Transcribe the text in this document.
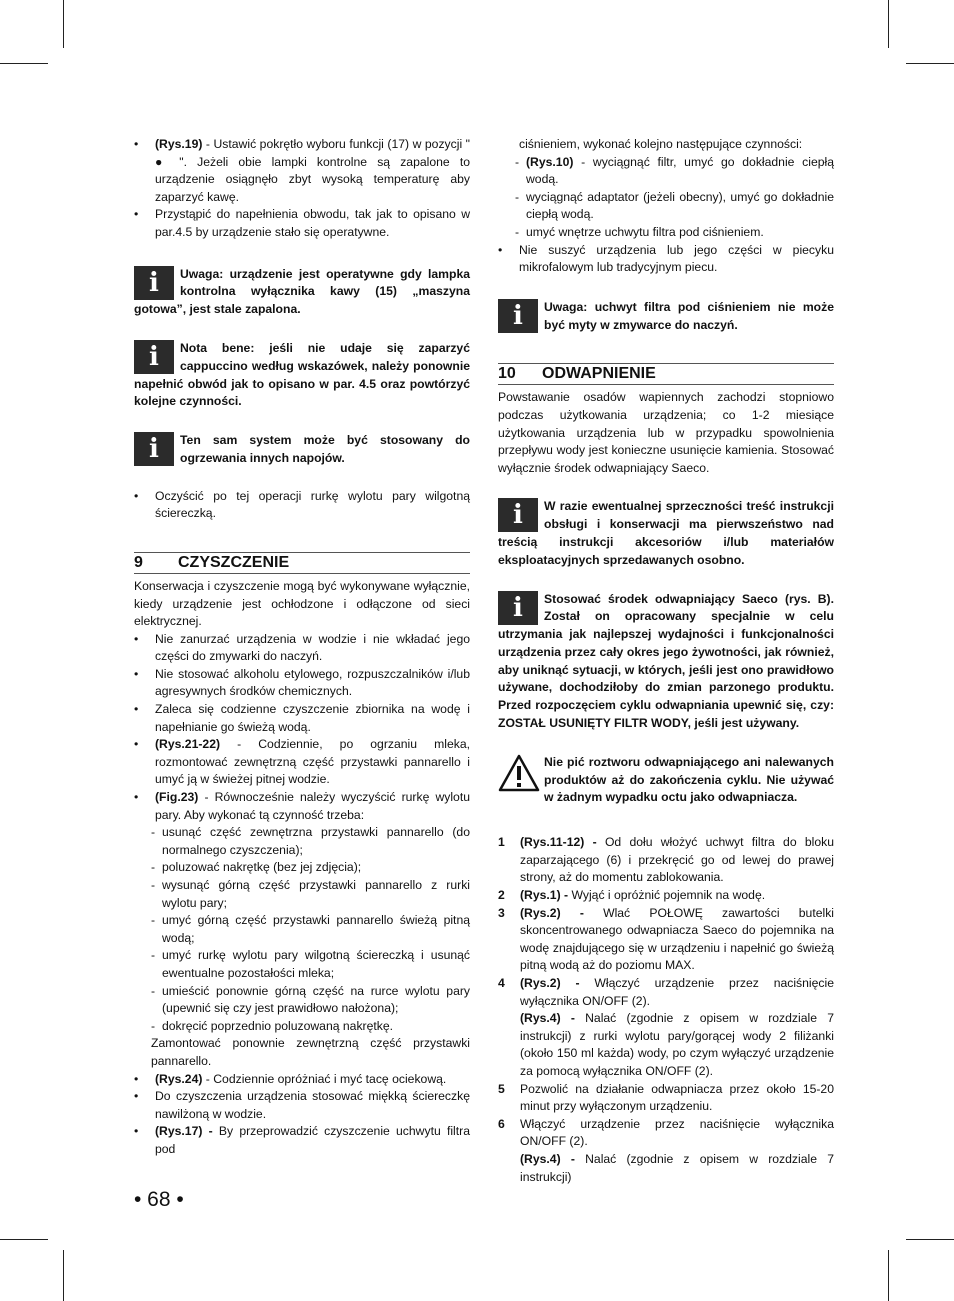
• (Rys.19) - Ustawić pokrętło wyboru funkcji (17) w pozycji " ● ". Jeżeli obie lampki kontrolne są zapalone to urządzenie osiągnęło zbyt wysoką temperaturę aby zaparzyć kawę.
• Przystąpić do napełnienia obwodu, tak jak to opisano w par.4.5 by urządzenie stało się operatywne.
i	Uwaga: urządzenie jest operatywne gdy lampka kontrolna wyłącznika kawy (15) „maszyna gotowa”, jest stale zapalona.
i	Nota bene: jeśli nie udaje się zaparzyć cappuccino według wskazówek, należy ponownie napełnić obwód jak to opisano w par. 4.5 oraz powtórzyć kolejne czynności.
i	Ten sam system może być stosowany do ogrzewania innych napojów.
• Oczyścić po tej operacji rurkę wylotu pary wilgotną ściereczką.
9 CZYSZCZENIE

Konserwacja i czyszczenie mogą być wykonywane wyłącznie, kiedy urządzenie jest ochłodzone i odłączone od sieci elektrycznej.

• Nie zanurzać urządzenia w wodzie i nie wkładać jego części do zmywarki do naczyń.
• Nie stosować alkoholu etylowego, rozpuszczalników i/lub agresywnych środków chemicznych.
• Zaleca się codzienne czyszczenie zbiornika na wodę i napełnianie go świeżą wodą.
• (Rys.21-22) - Codziennie, po ogrzaniu mleka, rozmontować zewnętrzną część przystawki pannarello i umyć ją w świeżej pitnej wodzie.
• (Fig.23) - Równocześnie należy wyczyścić rurkę wylotu pary. Aby wykonać tą czynność trzeba:
- usunąć część zewnętrzna przystawki pannarello (do normalnego czyszczenia);
- poluzować nakrętkę (bez jej zdjęcia);
- wysunąć górną część przystawki pannarello z rurki wylotu pary;
- umyć górną część przystawki pannarello świeżą pitną wodą;
- umyć rurkę wylotu pary wilgotną ściereczką i usunąć ewentualne pozostałości mleka;
- umieścić ponownie górną część na rurce wylotu pary (upewnić się czy jest prawidłowo nałożona);
- dokręcić poprzednio poluzowaną nakrętkę.
Zamontować ponownie zewnętrzną część przystawki pannarello.
• (Rys.24) - Codziennie opróżniać i myć tacę ociekową.
• Do czyszczenia urządzenia stosować miękką ściereczkę nawilżoną w wodzie.
• (Rys.17) - By przeprowadzić czyszczenie uchwytu filtra pod
ciśnieniem, wykonać kolejno następujące czynności:
- (Rys.10) - wyciągnąć filtr, umyć go dokładnie ciepłą wodą.
- wyciągnąć adaptator (jeżeli obecny), umyć go dokładnie ciepłą wodą.
- umyć wnętrze uchwytu filtra pod ciśnieniem.
• Nie suszyć urządzenia lub jego części w piecyku mikrofalowym lub tradycyjnym piecu.
i	Uwaga: uchwyt filtra pod ciśnieniem nie może być myty w zmywarce do naczyń.
10 ODWAPNIENIE

Powstawanie osadów wapiennych zachodzi stopniowo podczas użytkowania urządzenia; co 1-2 miesiące użytkowania urządzenia lub w przypadku spowolnienia przepływu wody jest konieczne usunięcie kamienia. Stosować wyłącznie środek odwapniający Saeco.

i	W razie ewentualnej sprzeczności treść instrukcji obsługi i konserwacji ma pierwszeństwo nad treścią instrukcji akcesoriów i/lub materiałów eksploatacyjnych sprzedawanych osobno.
i	Stosować środek odwapniający Saeco (rys. B). Został on opracowany specjalnie w celu utrzymania jak najlepszej wydajności i funkcjonalności urządzenia przez cały okres jego żywotności, jak również, aby uniknąć sytuacji, w których, jeśli jest ono prawidłowo używane, dochodziłoby do zmian parzonego produktu. Przed rozpoczęciem cyklu odwapniania upewnić się, czy: ZOSTAŁ USUNIĘTY FILTR WODY, jeśli jest używany.
Nie pić roztworu odwapniającego ani nalewanych produktów aż do zakończenia cyklu. Nie używać w żadnym wypadku octu jako odwapniacza.
1 (Rys.11-12) - Od dołu włożyć uchwyt filtra do bloku zaparzającego (6) i przekręcić go od lewej do prawej strony, aż do momentu zablokowania.
2 (Rys.1) - Wyjąć i opróżnić pojemnik na wodę.
3 (Rys.2) - Wlać POŁOWĘ zawartości butelki skoncentrowanego odwapniacza Saeco do pojemnika na wodę znajdującego się w urządzeniu i napełnić go świeżą pitną wodą aż do poziomu MAX.
4 (Rys.2) - Włączyć urządzenie przez naciśnięcie wyłącznika ON/OFF (2).
(Rys.4) - Nalać (zgodnie z opisem w rozdziale 7 instrukcji) z rurki wylotu pary/gorącej wody 2 filiżanki (około 150 ml każda) wody, po czym wyłączyć urządzenie za pomocą wyłącznika ON/OFF (2).
5 Pozwolić na działanie odwapniacza przez około 15-20 minut przy wyłączonym urządzeniu.
6 Włączyć urządzenie przez naciśnięcie wyłącznika ON/OFF (2).
(Rys.4) - Nalać (zgodnie z opisem w rozdziale 7 instrukcji)
• 68 •
